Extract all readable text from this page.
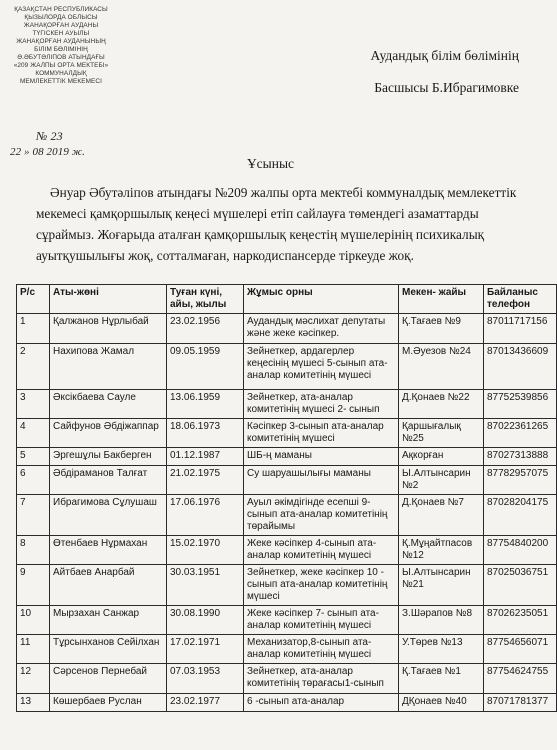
ҚАЗАҚСТАН РЕСПУБЛИКАСЫ
ҚЫЗЫЛОРДА ОБЛЫСЫ
ЖАНАҚОРҒАН АУДАНЫ
ТҮГІСКЕН АУЫЛЫ
ЖАНАҚОРҒАН АУДАНЫНЫҢ
БІЛІМ БӨЛІМІНІҢ
Ә.ӘБУТӘЛІПОВ АТЫНДАҒЫ
«209 ЖАЛПЫ ОРТА МЕКТЕБІ»
КОММУНАЛДЫҚ
МЕМЛЕКЕТТІК МЕКЕМЕСІ
№ 23
22 » 08 2019 ж.
Аудандық білім бөлімінің
Басшысы Б.Ибрагимовке
Ұсыныс

Әнуар Әбутәліпов атындағы №209 жалпы орта мектебі коммуналдық мемлекеттік мекемесі қамқоршылық кеңесі мүшелері етіп сайлауға төмендегі азаматтарды сұраймыз. Жоғарыда аталған қамқоршылық кеңестің мүшелерінің психикалық ауытқушылығы жоқ, сотталмаған, наркодиспансерде тіркеуде жоқ.

Р/с	Аты-жөні	Туған күні, айы, жылы	Жұмыс орны	Мекен- жайы	Байланыс телефон
1	Қалжанов Нұрлыбай	23.02.1956	Аудандық мәслихат депутаты және жеке кәсіпкер.	Қ.Тағаев №9	87011717156
2	Нахипова Жамал	09.05.1959	Зейнеткер, ардагерлер кеңесінің мүшесі 5-сынып ата-аналар комитетінің мүшесі	М.Әуезов №24	87013436609
3	Әксікбаева Сауле	13.06.1959	Зейнеткер, ата-аналар комитетінің мүшесі 2- сынып	Д.Қонаев №22	87752539856
4	Сайфунов Әбдіжаппар	18.06.1973	Кәсіпкер 3-сынып ата-аналар комитетінің мүшесі	Қаршығалық №25	87022361265
5	Эргешұлы Бакберген	01.12.1987	ШБ-ң маманы	Ақкорған	87027313888
6	Әбдіраманов Талғат	21.02.1975	Су шаруашылығы маманы	Ы.Алтынсарин №2	87782957075
7	Ибрагимова Сұлушаш	17.06.1976	Ауыл әкімдігінде есепші 9-сынып ата-аналар комитетінің төрайымы	Д.Қонаев №7	87028204175
8	Өтенбаев Нұрмахан	15.02.1970	Жеке кәсіпкер 4-сынып ата-аналар комитетінің мүшесі	Қ.Мұңайтпасов №12	87754840200
9	Айтбаев Анарбай	30.03.1951	Зейнеткер, жеке кәсіпкер 10 - сынып ата-аналар комитетінің мүшесі	Ы.Алтынсарин №21	87025036751
10	Мырзахан Санжар	30.08.1990	Жеке кәсіпкер 7- сынып ата-аналар комитетінің мүшесі	З.Шәрапов №8	87026235051
11	Тұрсынханов Сейілхан	17.02.1971	Механизатор,8-сынып ата-аналар комитетінің мүшесі	У.Төрев №13	87754656071
12	Сәрсенов Пернебай	07.03.1953	Зейнеткер, ата-аналар комитетінің төрағасы1-сынып	Қ.Тағаев №1	87754624755
13	Көшербаев Руслан	23.02.1977	6 -сынып ата-аналар	ДҚонаев №40	87071781377
